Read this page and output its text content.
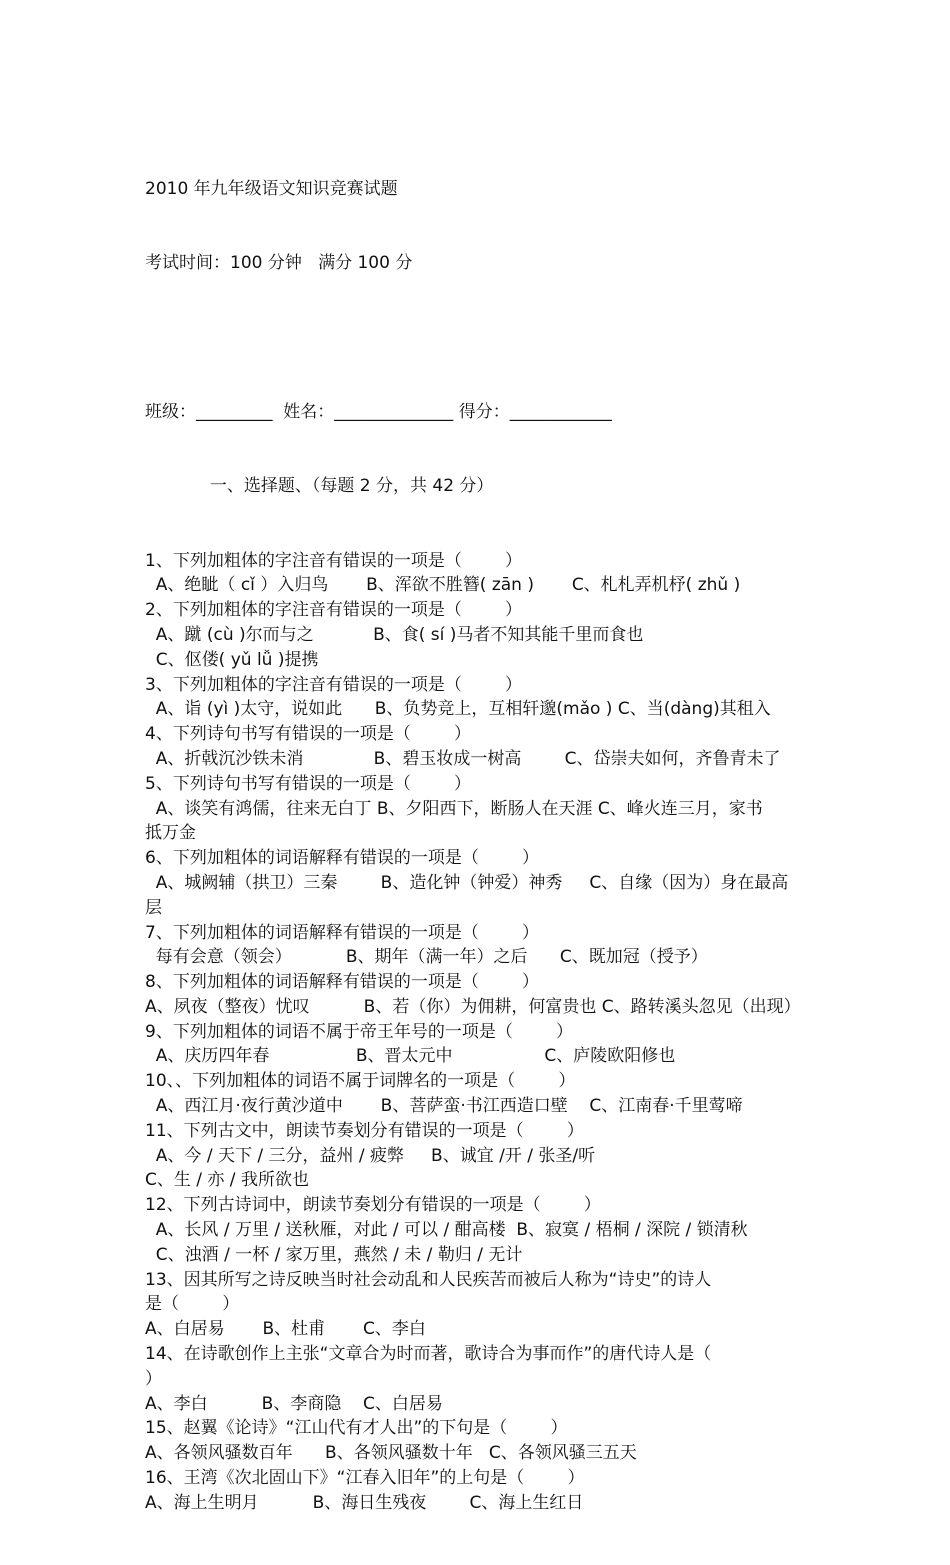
2010 年九年级语文知识竞赛试题

考试时间：100 分钟   满分 100 分

班级：_________  姓名：______________ 得分：____________

一、选择题、（每题 2 分，共 42 分）

1、下列加粗体的字注音有错误的一项是（        ）
A、绝眦（ cǐ ）入归鸟       B、浑欲不胜簪( zān )       C、札札弄机杼( zhǔ )
2、下列加粗体的字注音有错误的一项是（        ）
A、蹴 (cù )尔而与之           B、食( sí )马者不知其能千里而食也
C、伛偻( yǔ lǚ )提携
3、下列加粗体的字注音有错误的一项是（        ）
A、诣 (yì )太守，说如此      B、负势竞上，互相轩邈(mǎo ) C、当(dàng)其租入
4、下列诗句书写有错误的一项是（        ）
A、折戟沉沙铁未消             B、碧玉妆成一树高        C、岱崇夫如何，齐鲁青未了
5、下列诗句书写有错误的一项是（        ）
A、谈笑有鸿儒，往来无白丁 B、夕阳西下，断肠人在天涯 C、峰火连三月，家书
抵万金
6、下列加粗体的词语解释有错误的一项是（        ）
A、城阙辅（拱卫）三秦        B、造化钟（钟爱）神秀     C、自缘（因为）身在最高
层
7、下列加粗体的词语解释有错误的一项是（        ）
每有会意（领会）          B、期年（满一年）之后      C、既加冠（授予）
8、下列加粗体的词语解释有错误的一项是（        ）
A、夙夜（整夜）忧叹          B、若（你）为佣耕，何富贵也 C、路转溪头忽见（出现）
9、下列加粗体的词语不属于帝王年号的一项是（        ）
A、庆历四年春                B、晋太元中                 C、庐陵欧阳修也
10、、下列加粗体的词语不属于词牌名的一项是（        ）
A、西江月·夜行黄沙道中       B、菩萨蛮·书江西造口壁    C、江南春·千里莺啼
11、下列古文中，朗读节奏划分有错误的一项是（        ）
A、今 / 天下 / 三分，益州 / 疲弊     B、诚宜 /开 / 张圣/听
C、生 / 亦 / 我所欲也
12、下列古诗词中，朗读节奏划分有错误的一项是（        ）
A、长风 / 万里 / 送秋雁，对此 / 可以 / 酣高楼  B、寂寞 / 梧桐 / 深院 / 锁清秋
C、浊酒 / 一杯 / 家万里，燕然 / 未 / 勒归 / 无计
13、因其所写之诗反映当时社会动乱和人民疾苦而被后人称为“诗史”的诗人
是（        ）
A、白居易       B、杜甫       C、李白
14、在诗歌创作上主张“文章合为时而著，歌诗合为事而作”的唐代诗人是（
）
A、李白          B、李商隐    C、白居易
15、赵翼《论诗》“江山代有才人出”的下句是（        ）
A、各领风骚数百年      B、各领风骚数十年   C、各领风骚三五天
16、王湾《次北固山下》“江春入旧年”的上句是（        ）
A、海上生明月          B、海日生残夜        C、海上生红日
